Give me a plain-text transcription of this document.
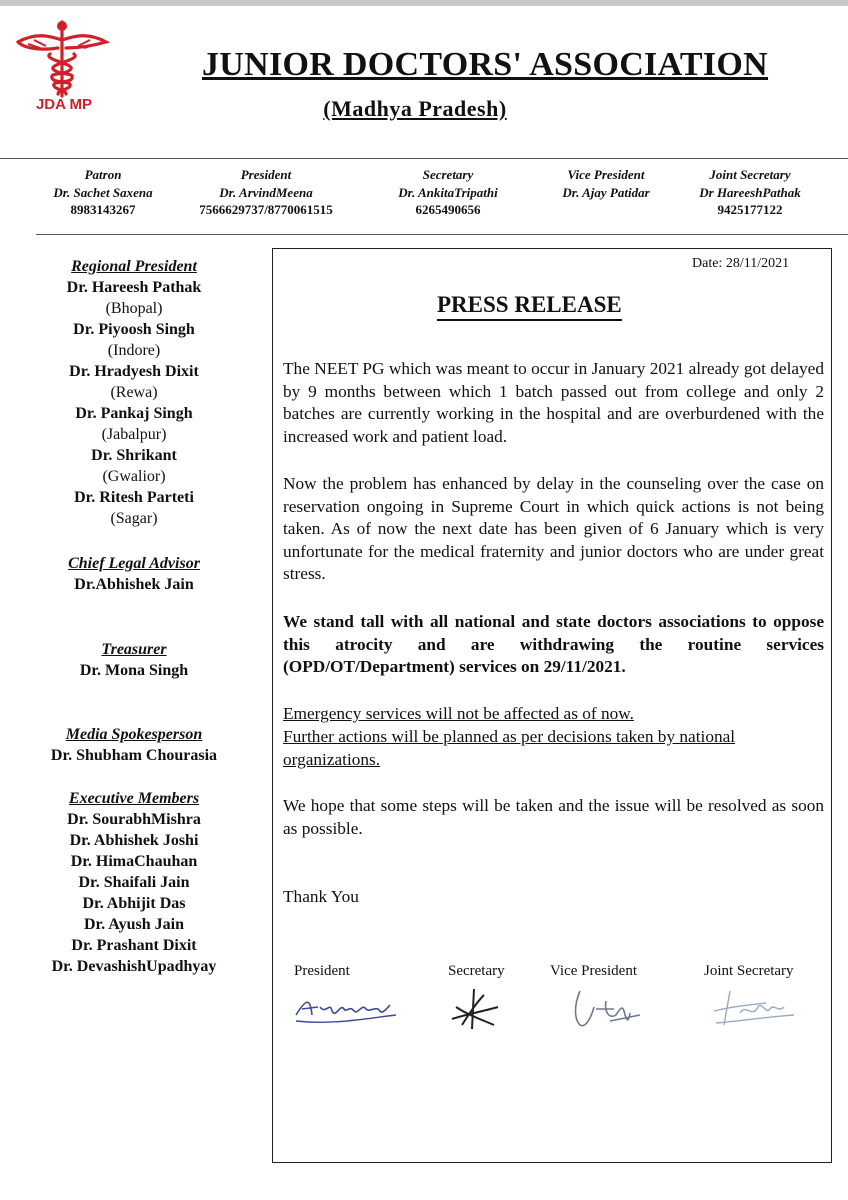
JDA MP
JUNIOR DOCTORS' ASSOCIATION
(Madhya Pradesh)
Patron
Dr. Sachet Saxena
8983143267
President
Dr. ArvindMeena
7566629737/8770061515
Secretary
Dr. AnkitaTripathi
6265490656
Vice President
Dr. Ajay Patidar
Joint Secretary
Dr HareeshPathak
9425177122
Regional President
Dr. Hareesh Pathak
(Bhopal)
Dr. Piyoosh Singh
(Indore)
Dr. Hradyesh Dixit
(Rewa)
Dr. Pankaj Singh
(Jabalpur)
Dr. Shrikant
(Gwalior)
Dr. Ritesh Parteti
(Sagar)
Chief Legal Advisor
Dr.Abhishek Jain
Treasurer
Dr. Mona Singh
Media Spokesperson
Dr. Shubham Chourasia
Executive Members
Dr. SourabhMishra
Dr. Abhishek Joshi
Dr. HimaChauhan
Dr. Shaifali Jain
Dr. Abhijit Das
Dr. Ayush Jain
Dr. Prashant Dixit
Dr. DevashishUpadhyay
Date: 28/11/2021
PRESS RELEASE
The NEET PG which was meant to occur in January 2021 already got delayed by 9 months between which 1 batch passed out from college and only 2 batches are currently working in the hospital and are overburdened with the increased work and patient load.
Now the problem has enhanced by delay in the counseling over the case on reservation ongoing in Supreme Court in which quick actions is not being taken. As of now the next date has been given of 6 January which is very unfortunate for the medical fraternity and junior doctors who are under great stress.
We stand tall with all national and state doctors associations to oppose this atrocity and are withdrawing the routine services (OPD/OT/Department) services on 29/11/2021.
Emergency services will not be affected as of now.
Further actions will be planned as per decisions taken by national organizations.
We hope that some steps will be taken and the issue will be resolved as soon as possible.
Thank You
President	Secretary	Vice President	Joint Secretary
